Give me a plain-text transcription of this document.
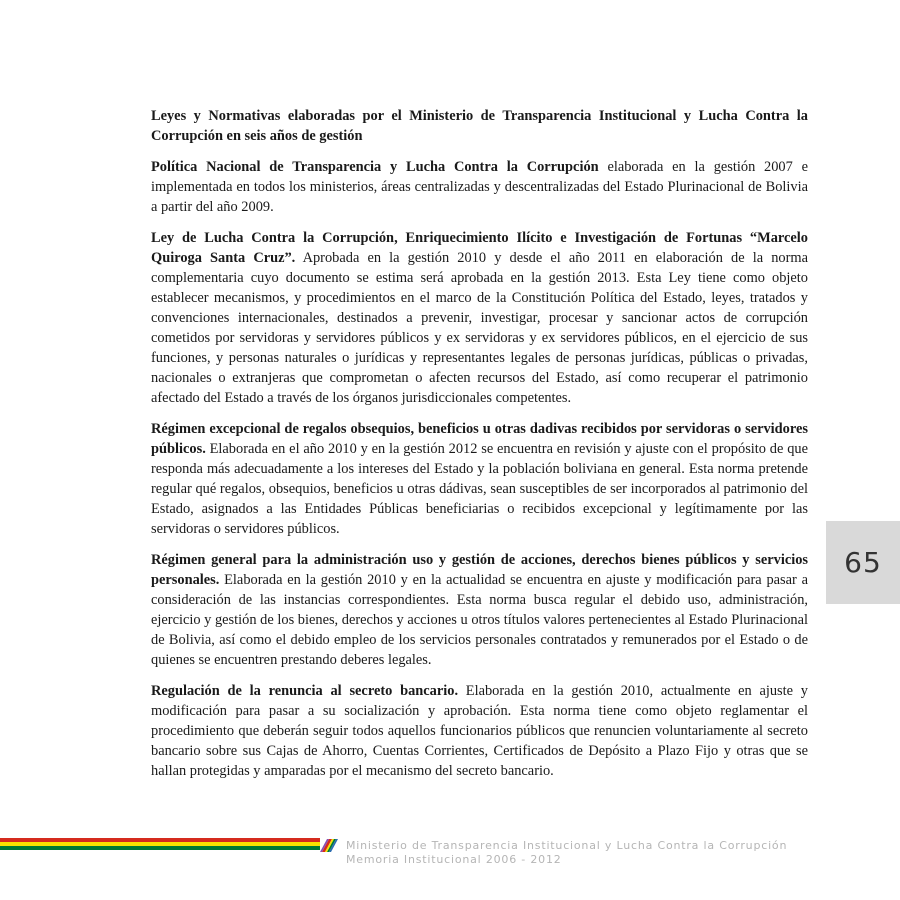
Leyes y Normativas elaboradas por el Ministerio de Transparencia Institucional y Lucha Contra la Corrupción en seis años de gestión

Política Nacional de Transparencia y Lucha Contra la Corrupción elaborada en la gestión 2007 e implementada en todos los ministerios, áreas centralizadas y descentralizadas del Estado Plurinacional de Bolivia a partir del año 2009.

Ley de Lucha Contra la Corrupción, Enriquecimiento Ilícito e Investigación de Fortunas “Marcelo Quiroga Santa Cruz”. Aprobada en la gestión 2010 y desde el año 2011 en elaboración de la norma complementaria cuyo documento se estima será aprobada en la gestión 2013. Esta Ley tiene como objeto establecer mecanismos, y procedimientos en el marco de la Constitución Política del Estado, leyes, tratados y convenciones internacionales, destinados a prevenir, investigar, procesar y sancionar actos de corrupción cometidos por servidoras y servidores públicos y ex servidoras y ex servidores públicos, en el ejercicio de sus funciones, y personas naturales o jurídicas y representantes legales de personas jurídicas, públicas o privadas, nacionales o extranjeras que comprometan o afecten recursos del Estado, así como recuperar el patrimonio afectado del Estado a través de los órganos jurisdiccionales competentes.

Régimen excepcional de regalos obsequios, beneficios u otras dadivas recibidos por servidoras o servidores públicos. Elaborada en el año 2010 y en la gestión 2012 se encuentra en revisión y ajuste con el propósito de que responda más adecuadamente a los intereses del Estado y la población boliviana en general. Esta norma pretende regular qué regalos, obsequios, beneficios u otras dádivas, sean susceptibles de ser incorporados al patrimonio del Estado, asignados a las Entidades Públicas beneficiarias o recibidos excepcional y legítimamente por las servidoras o servidores públicos.

Régimen general para la administración uso y gestión de acciones, derechos bienes públicos y servicios personales. Elaborada en la gestión 2010 y en la actualidad se encuentra en ajuste y modificación para pasar a consideración de las instancias correspondientes. Esta norma busca regular el debido uso, administración, ejercicio y gestión de los bienes, derechos y acciones u otros títulos valores pertenecientes al Estado Plurinacional de Bolivia, así como el debido empleo de los servicios personales contratados y remunerados por el Estado o de quienes se encuentren prestando deberes legales.

Regulación de la renuncia al secreto bancario. Elaborada en la gestión 2010, actualmente en ajuste y modificación para pasar a su socialización y aprobación. Esta norma tiene como objeto reglamentar el procedimiento que deberán seguir todos aquellos funcionarios públicos que renuncien voluntariamente al secreto bancario sobre sus Cajas de Ahorro, Cuentas Corrientes, Certificados de Depósito a Plazo Fijo y otras que se hallan protegidas y amparadas por el mecanismo del secreto bancario.

65
Ministerio de Transparencia Institucional y Lucha Contra la Corrupción
Memoria Institucional 2006 - 2012
